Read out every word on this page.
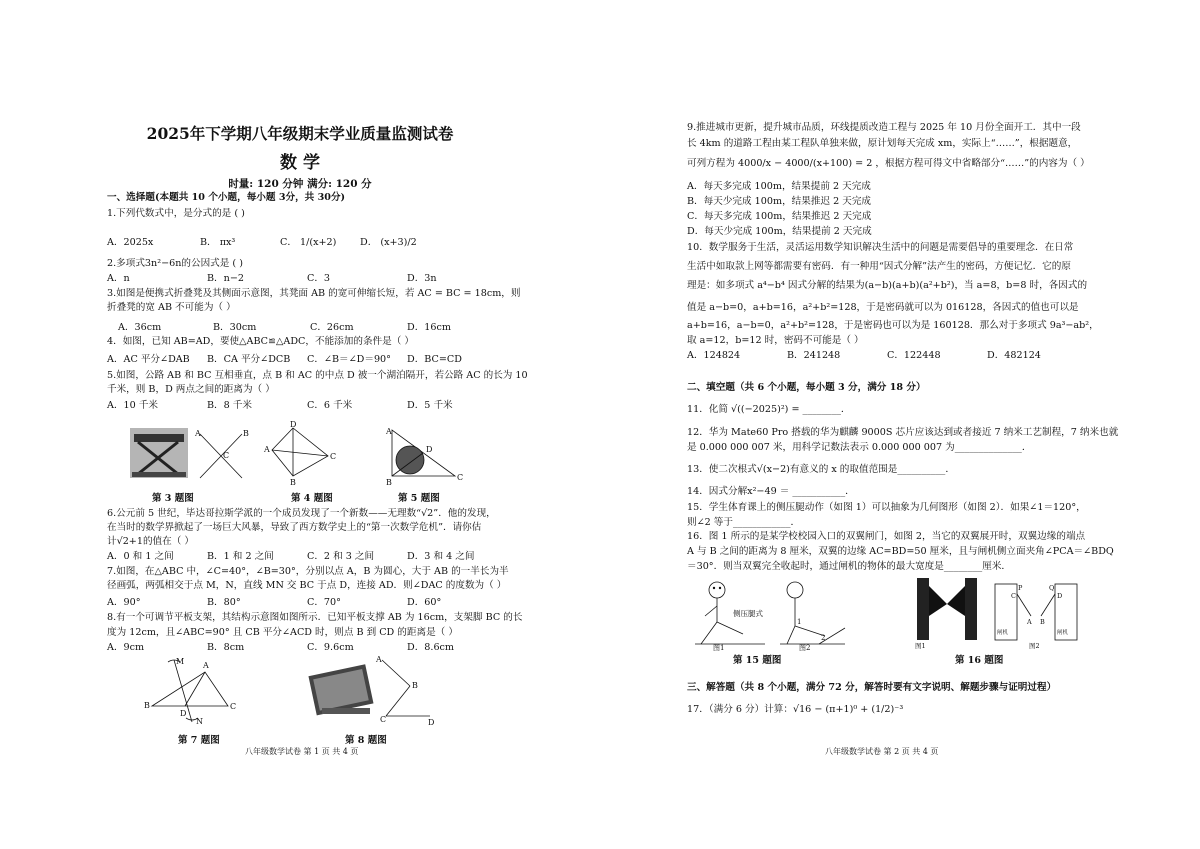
2025年下学期八年级期末学业质量监测试卷
数 学
时量: 120 分钟 满分: 120 分
一、选择题(本题共 10 个小题，每小题 3分，共 30分)
1.下列代数式中，是分式的是 ( )
A．2025x	B． πx³	C． 1/(x+2) D． (x+3)/2
2.多项式3n²−6n的公因式是 ( )
A．n	B．n−2	C．3	D．3n
3.如图是便携式折叠凳及其侧面示意图，其凳面 AB 的宽可伸缩长短，若 AC = BC = 18cm，则
折叠凳的宽 AB 不可能为（ ）
A．36cm	B．30cm	C．26cm	D．16cm
4．如图，已知 AB=AD，要使△ABC≌△ADC，不能添加的条件是（ ）
A．AC 平分∠DAB B．CA 平分∠DCB C．∠B＝∠D＝90° D．BC=CD
5.如图，公路 AB 和 BC 互相垂直，点 B 和 AC 的中点 D 被一个湖泊隔开，若公路 AC 的长为 10
千米，则 B，D 两点之间的距离为（ ）
A．10 千米	B．8 千米	C．6 千米	D．5 千米
A	B
C
D
A
C
B
A
B
C
D
第 3 题图	第 4 题图	第 5 题图
6.公元前 5 世纪，毕达哥拉斯学派的一个成员发现了一个新数——无理数“√2”．他的发现，
在当时的数学界掀起了一场巨大风暴，导致了西方数学史上的“第一次数学危机”．请你估
计√2+1的值在（ ）
A．0 和 1 之间	B．1 和 2 之间	C．2 和 3 之间	D．3 和 4 之间
7.如图，在△ABC 中，∠C=40°，∠B=30°，分别以点 A，B 为圆心，大于 AB 的一半长为半
径画弧，两弧相交于点 M，N，直线 MN 交 BC 于点 D，连接 AD．则∠DAC 的度数为（ ）
A．90°	B．80°	C．70°	D．60°
8.有一个可调节平板支架，其结构示意图如图所示．已知平板支撑 AB 为 16cm，支架脚 BC 的长
度为 12cm，且∠ABC=90° 且 CB 平分∠ACD 时，则点 B 到 CD 的距离是（ ）
A．9cm	B．8cm	C．9.6cm	D．8.6cm
M A
B	C
D
N
A
B
C	D
第 7 题图	第 8 题图
八年级数学试卷 第 1 页 共 4 页
9.推进城市更新，提升城市品质，环线提质改造工程与 2025 年 10 月份全面开工．其中一段
长 4km 的道路工程由某工程队单独来做，原计划每天完成 xm，实际上“……”，根据题意，
可列方程为 4000/x − 4000/(x+100) = 2 ，根据方程可得文中省略部分“……”的内容为（ ）
A．每天多完成 100m，结果提前 2 天完成
B．每天少完成 100m，结果推迟 2 天完成
C．每天多完成 100m，结果推迟 2 天完成
D．每天少完成 100m，结果提前 2 天完成
10．数学服务于生活，灵活运用数学知识解决生活中的问题是需要倡导的重要理念．在日常
生活中如取款上网等都需要有密码．有一种用“因式分解”法产生的密码，方便记忆．它的原
理是：如多项式 a⁴−b⁴ 因式分解的结果为(a−b)(a+b)(a²+b²)，当 a=8，b=8 时，各因式的
值是 a−b=0，a+b=16，a²+b²=128，于是密码就可以为 016128，各因式的值也可以是
a+b=16，a−b=0，a²+b²=128，于是密码也可以为是 160128．那么对于多项式 9a³−ab²，
取 a=12，b=12 时，密码不可能是（ ）
A．124824	B．241248	C．122448	D．482124
二、填空题（共 6 个小题，每小题 3 分，满分 18 分）
11．化简 √((−2025)²) = ________．
12．华为 Mate60 Pro 搭载的华为麒麟 9000S 芯片应该达到或者接近 7 纳米工艺制程，7 纳米也就
是 0.000 000 007 米，用科学记数法表示 0.000 000 007 为______________．
13．使二次根式√(x−2)有意义的 x 的取值范围是__________．
14．因式分解x²−49 ＝ ___________．
15．学生体育课上的侧压腿动作（如图 1）可以抽象为几何图形（如图 2）．如果∠1＝120°，
则∠2 等于____________．
16．图 1 所示的是某学校校园入口的双翼闸门，如图 2，当它的双翼展开时，双翼边缘的端点
A 与 B 之间的距离为 8 厘米，双翼的边缘 AC=BD=50 厘米，且与闸机侧立面夹角∠PCA＝∠BDQ
＝30°．则当双翼完全收起时，通过闸机的物体的最大宽度是________厘米．
侧压腿式
图1
1
2
图2	图1
闸机	闸机
P	Q
C	D
A B
图2
第 15 题图	第 16 题图
三、解答题（共 8 个小题，满分 72 分，解答时要有文字说明、解题步骤与证明过程）
17．（满分 6 分）计算：√16 − (π+1)⁰ + (1/2)⁻³
八年级数学试卷 第 2 页 共 4 页
